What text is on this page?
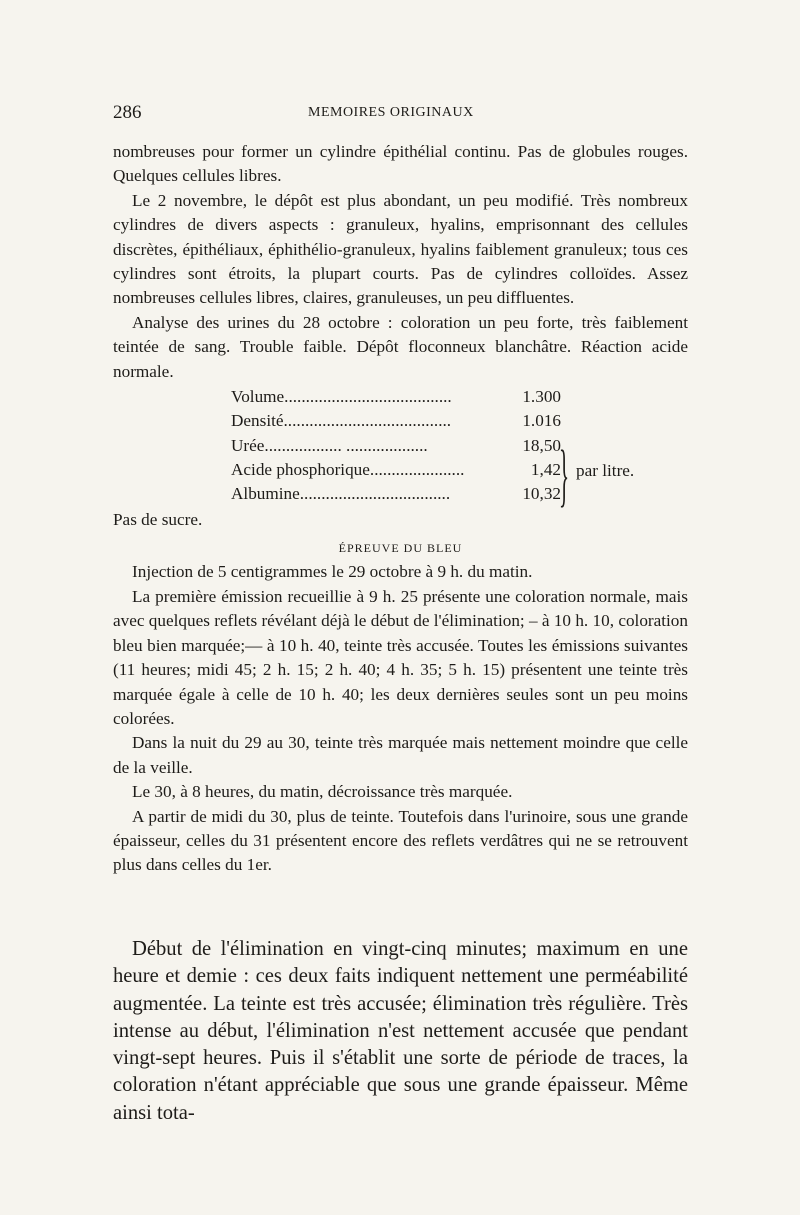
286	MEMOIRES ORIGINAUX

nombreuses pour former un cylindre épithélial continu. Pas de globules rouges. Quelques cellules libres.

Le 2 novembre, le dépôt est plus abondant, un peu modifié. Très nombreux cylindres de divers aspects : granuleux, hyalins, emprisonnant des cellules discrètes, épithéliaux, éphithélio-granuleux, hyalins faiblement granuleux; tous ces cylindres sont étroits, la plupart courts. Pas de cylindres colloïdes. Assez nombreuses cellules libres, claires, granuleuses, un peu diffluentes.

Analyse des urines du 28 octobre : coloration un peu forte, très faiblement teintée de sang. Trouble faible. Dépôt floconneux blanchâtre. Réaction acide normale.

Volume.......................................	1.300
Densité.......................................	1.016
Urée.................. ...................	18,50
Acide phosphorique......................	1,42
Albumine...................................	10,32
} par litre.

Pas de sucre.

ÉPREUVE DU BLEU

Injection de 5 centigrammes le 29 octobre à 9 h. du matin.

La première émission recueillie à 9 h. 25 présente une coloration normale, mais avec quelques reflets révélant déjà le début de l'élimination; – à 10 h. 10, coloration bleu bien marquée;— à 10 h. 40, teinte très accusée. Toutes les émissions suivantes (11 heures; midi 45; 2 h. 15; 2 h. 40; 4 h. 35; 5 h. 15) présentent une teinte très marquée égale à celle de 10 h. 40; les deux dernières seules sont un peu moins colorées.

Dans la nuit du 29 au 30, teinte très marquée mais nettement moindre que celle de la veille.

Le 30, à 8 heures, du matin, décroissance très marquée.

A partir de midi du 30, plus de teinte. Toutefois dans l'urinoire, sous une grande épaisseur, celles du 31 présentent encore des reflets verdâtres qui ne se retrouvent plus dans celles du 1er.

Début de l'élimination en vingt-cinq minutes; maximum en une heure et demie : ces deux faits indiquent nettement une perméabilité augmentée. La teinte est très accusée; élimination très régulière. Très intense au début, l'élimination n'est nettement accusée que pendant vingt-sept heures. Puis il s'établit une sorte de période de traces, la coloration n'étant appréciable que sous une grande épaisseur. Même ainsi tota-
